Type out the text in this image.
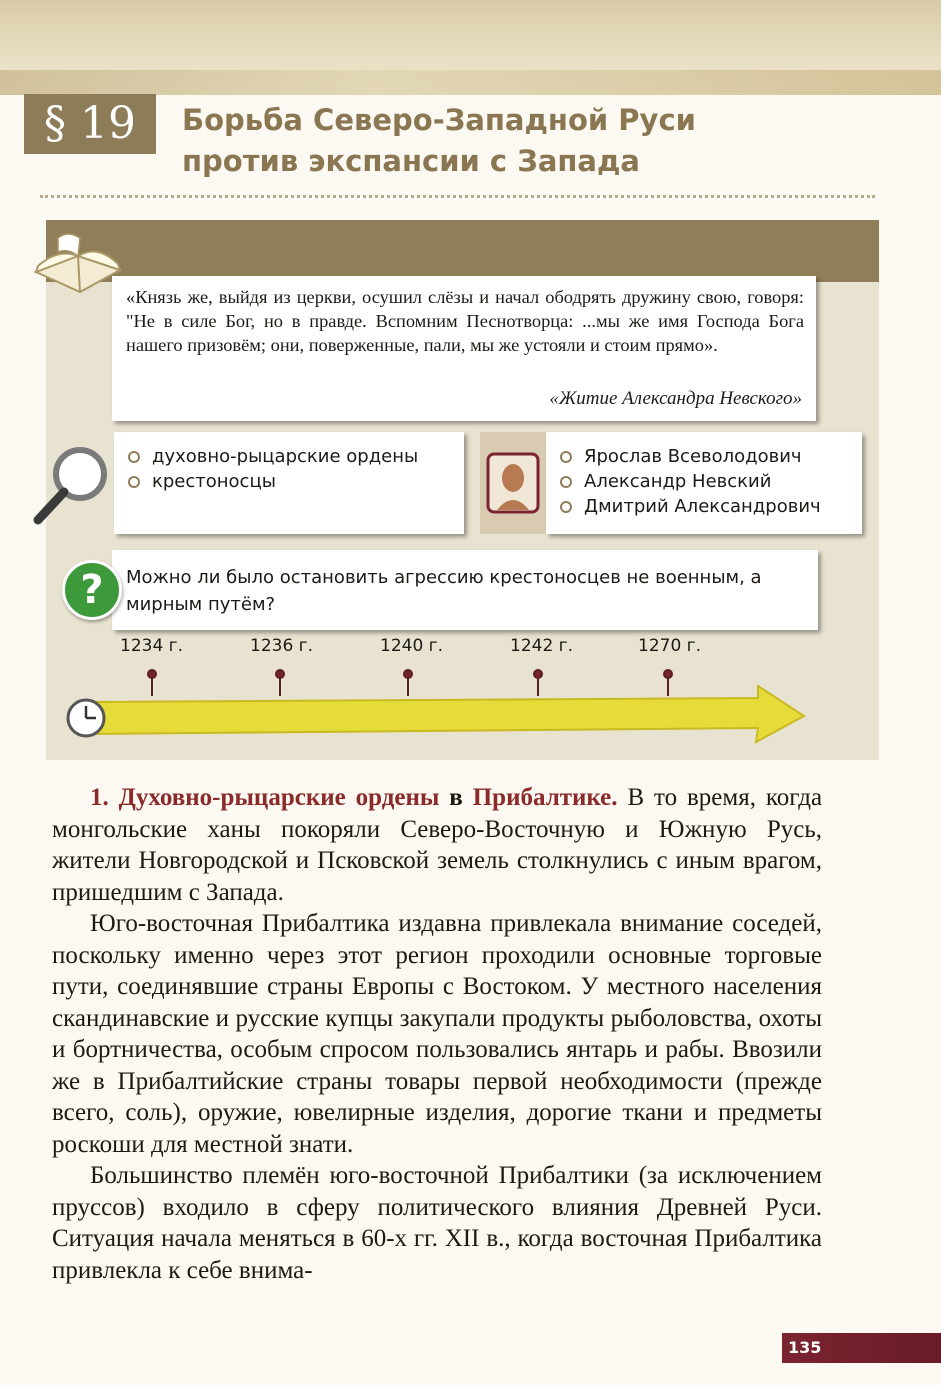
§ 19	Борьба Северо-Западной Руси
против экспансии с Запада
«Князь же, выйдя из церкви, осушил слёзы и начал ободрять дружину свою, говоря: "Не в силе Бог, но в правде. Вспомним Песнотворца: ...мы же имя Господа Бога нашего призовём; они, поверженные, пали, мы же устояли и стоим прямо».
«Житие Александра Невского»
духовно-рыцарские ордены
крестоносцы
Ярослав Всеволодович
Александр Невский
Дмитрий Александрович
Можно ли было остановить агрессию крестоносцев не военным, а мирным путём?
?
1234 г.	1236 г.	1240 г.	1242 г.	1270 г.

1. Духовно-рыцарские ордены в Прибалтике. В то время, когда монгольские ханы покоряли Северо-Восточную и Южную Русь, жители Новгородской и Псковской земель столкнулись с иным врагом, пришедшим с Запада.

Юго-восточная Прибалтика издавна привлекала внимание соседей, поскольку именно через этот регион проходили основные торговые пути, соединявшие страны Европы с Востоком. У местного населения скандинавские и русские купцы закупали продукты рыболовства, охоты и бортничества, особым спросом пользовались янтарь и рабы. Ввозили же в Прибалтийские страны товары первой необходимости (прежде всего, соль), оружие, ювелирные изделия, дорогие ткани и предметы роскоши для местной знати.

Большинство племён юго-восточной Прибалтики (за исключением пруссов) входило в сферу политического влияния Древней Руси. Ситуация начала меняться в 60-х гг. XII в., когда восточная Прибалтика привлекла к себе внима-

135
